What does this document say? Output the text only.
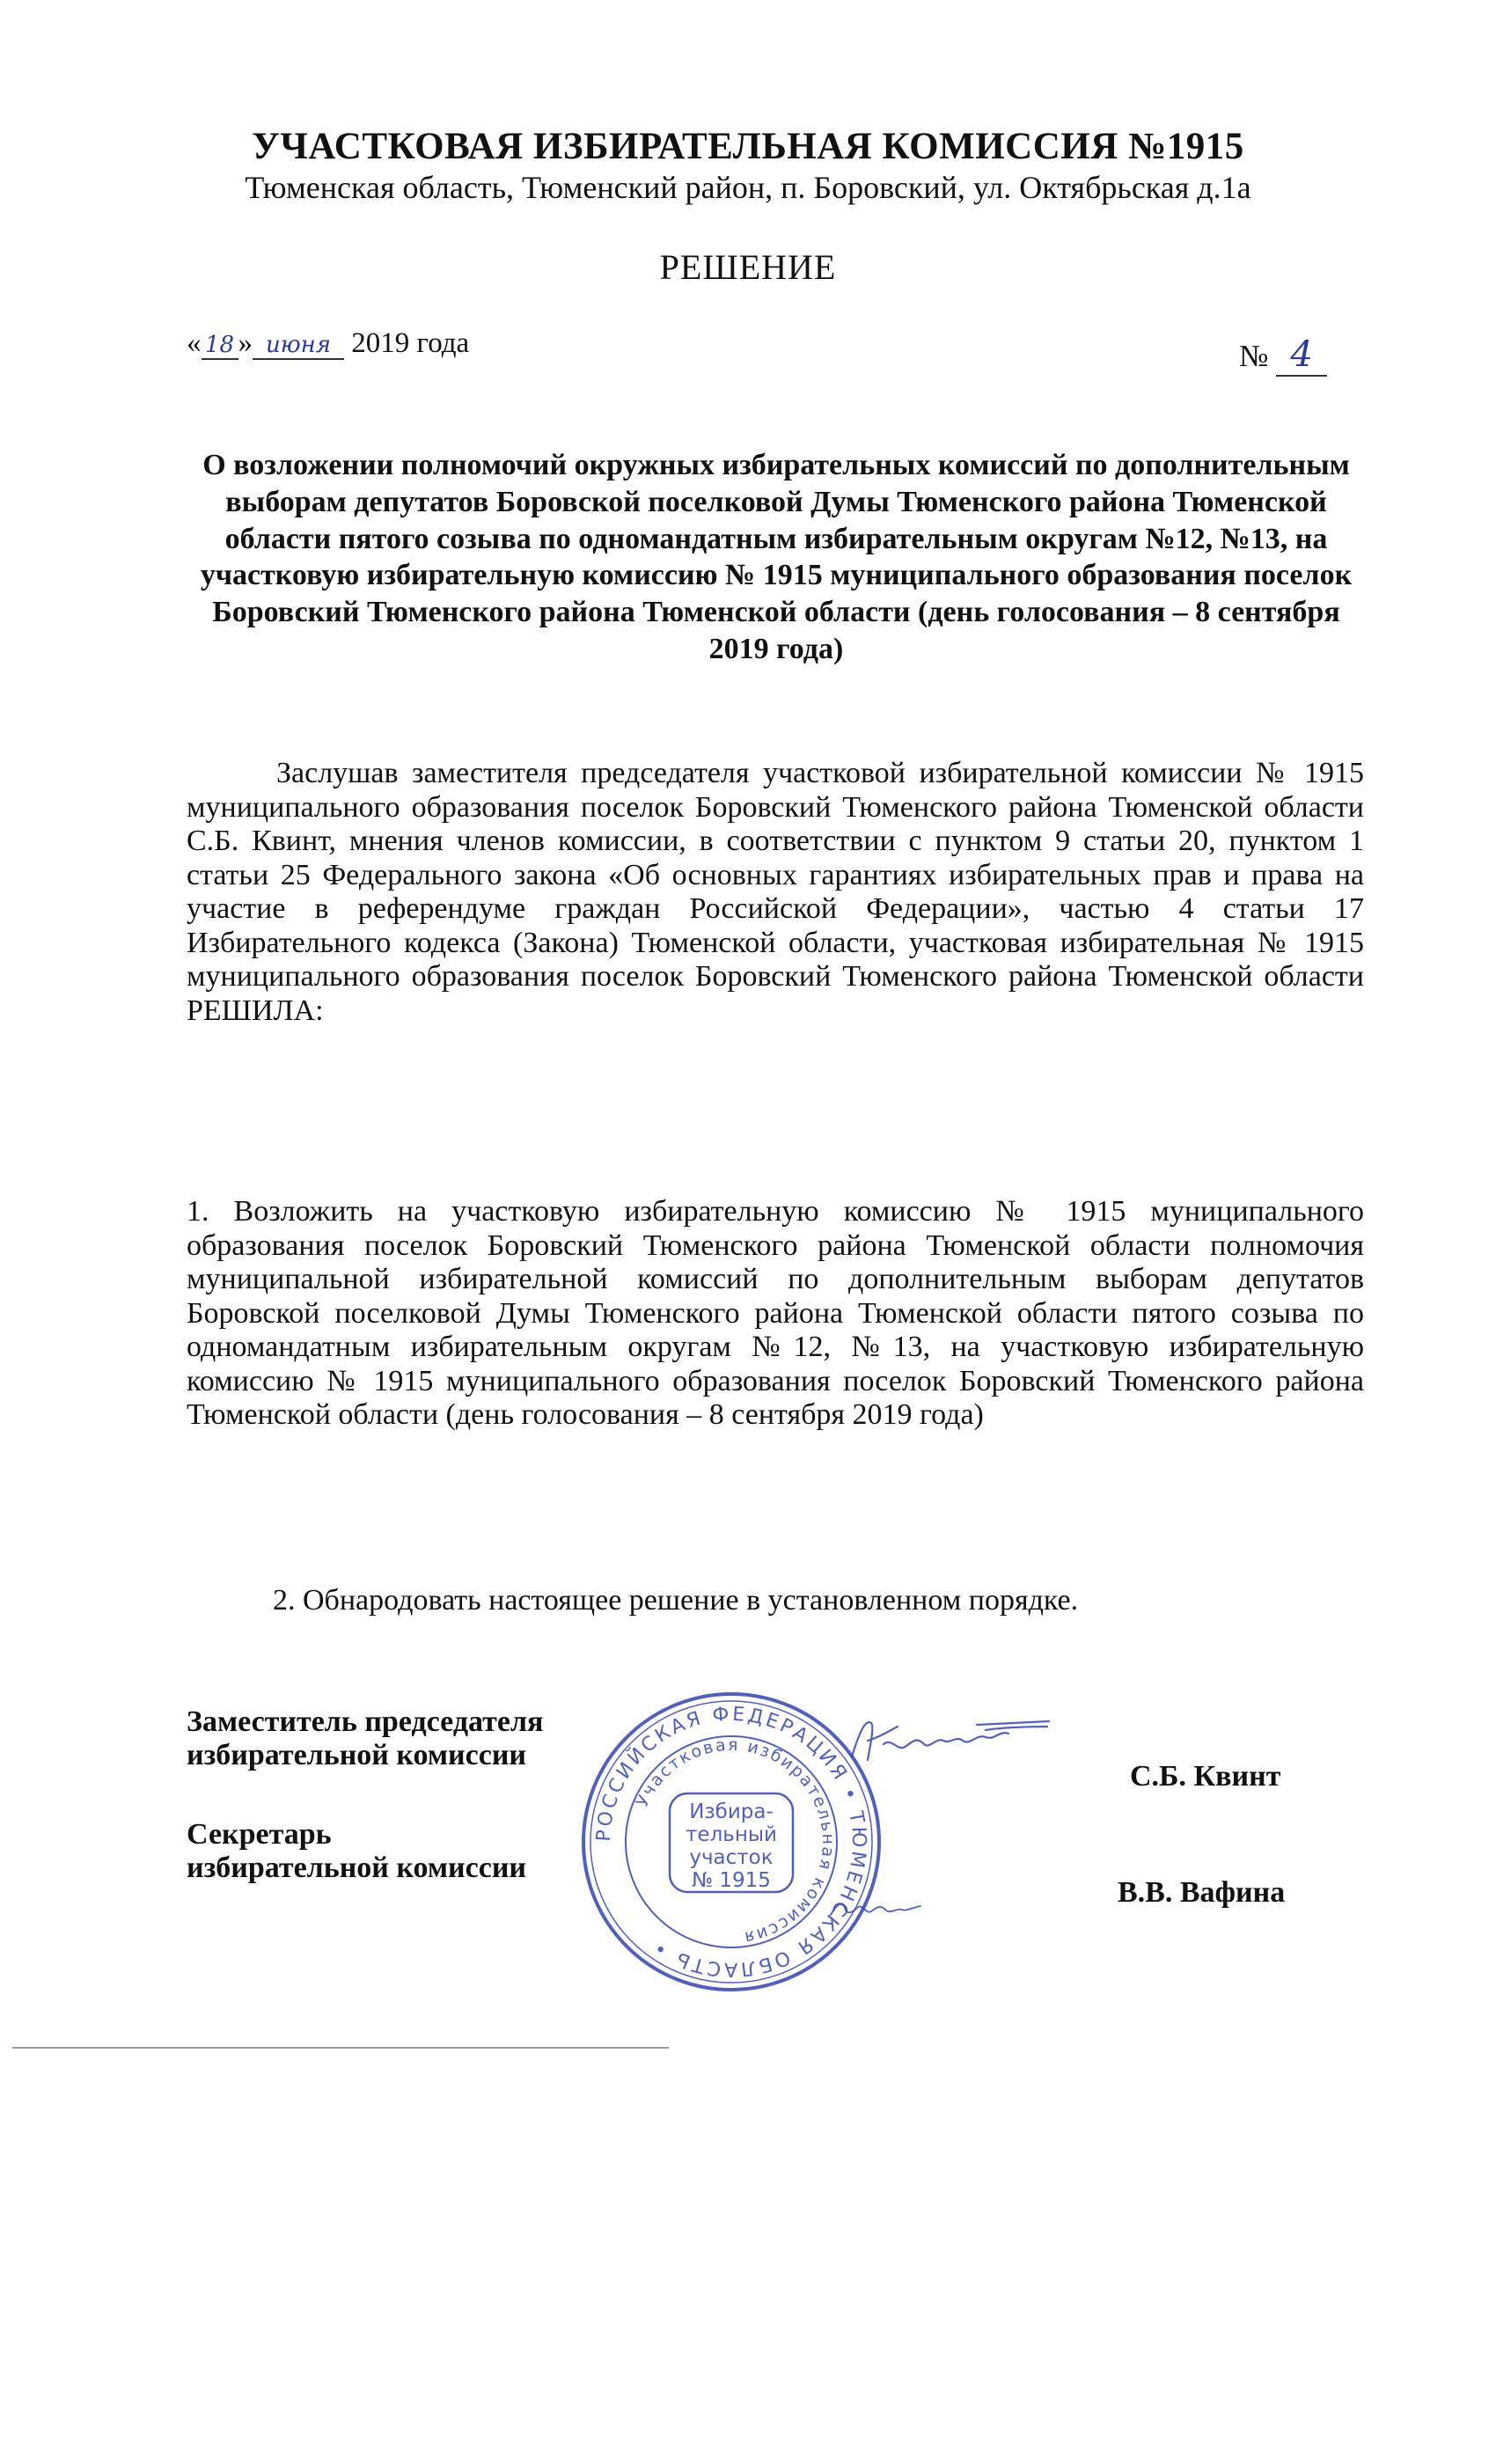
УЧАСТКОВАЯ ИЗБИРАТЕЛЬНАЯ КОМИССИЯ №1915
Тюменская область, Тюменский район, п. Боровский, ул. Октябрьская д.1а
РЕШЕНИЕ
« 18 » июня 2019 года	№ 4
О возложении полномочий окружных избирательных комиссий по дополнительным выборам депутатов Боровской поселковой Думы Тюменского района Тюменской области пятого созыва по одномандатным избирательным округам №12, №13, на участковую избирательную комиссию № 1915 муниципального образования поселок Боровский Тюменского района Тюменской области (день голосования – 8 сентября 2019 года)
Заслушав заместителя председателя участковой избирательной комиссии № 1915 муниципального образования поселок Боровский Тюменского района Тюменской области С.Б. Квинт, мнения членов комиссии, в соответствии с пунктом 9 статьи 20, пунктом 1 статьи 25 Федерального закона «Об основных гарантиях избирательных прав и права на участие в референдуме граждан Российской Федерации», частью 4 статьи 17 Избирательного кодекса (Закона) Тюменской области, участковая избирательная № 1915 муниципального образования поселок Боровский Тюменского района Тюменской области РЕШИЛА:
1. Возложить на участковую избирательную комиссию № 1915 муниципального образования поселок Боровский Тюменского района Тюменской области полномочия муниципальной избирательной комиссий по дополнительным выборам депутатов Боровской поселковой Думы Тюменского района Тюменской области пятого созыва по одномандатным избирательным округам №12, №13, на участковую избирательную комиссию № 1915 муниципального образования поселок Боровский Тюменского района Тюменской области (день голосования – 8 сентября 2019 года)
2. Обнародовать настоящее решение в установленном порядке.
Заместитель председателя
избирательной комиссии
С.Б. Квинт
Секретарь
избирательной комиссии
В.В. Вафина
РОССИЙСКАЯ ФЕДЕРАЦИЯ • ТЮМЕНСКАЯ ОБЛАСТЬ •
Участковая избирательная комиссия
Избира-
тельный
участок
№ 1915
